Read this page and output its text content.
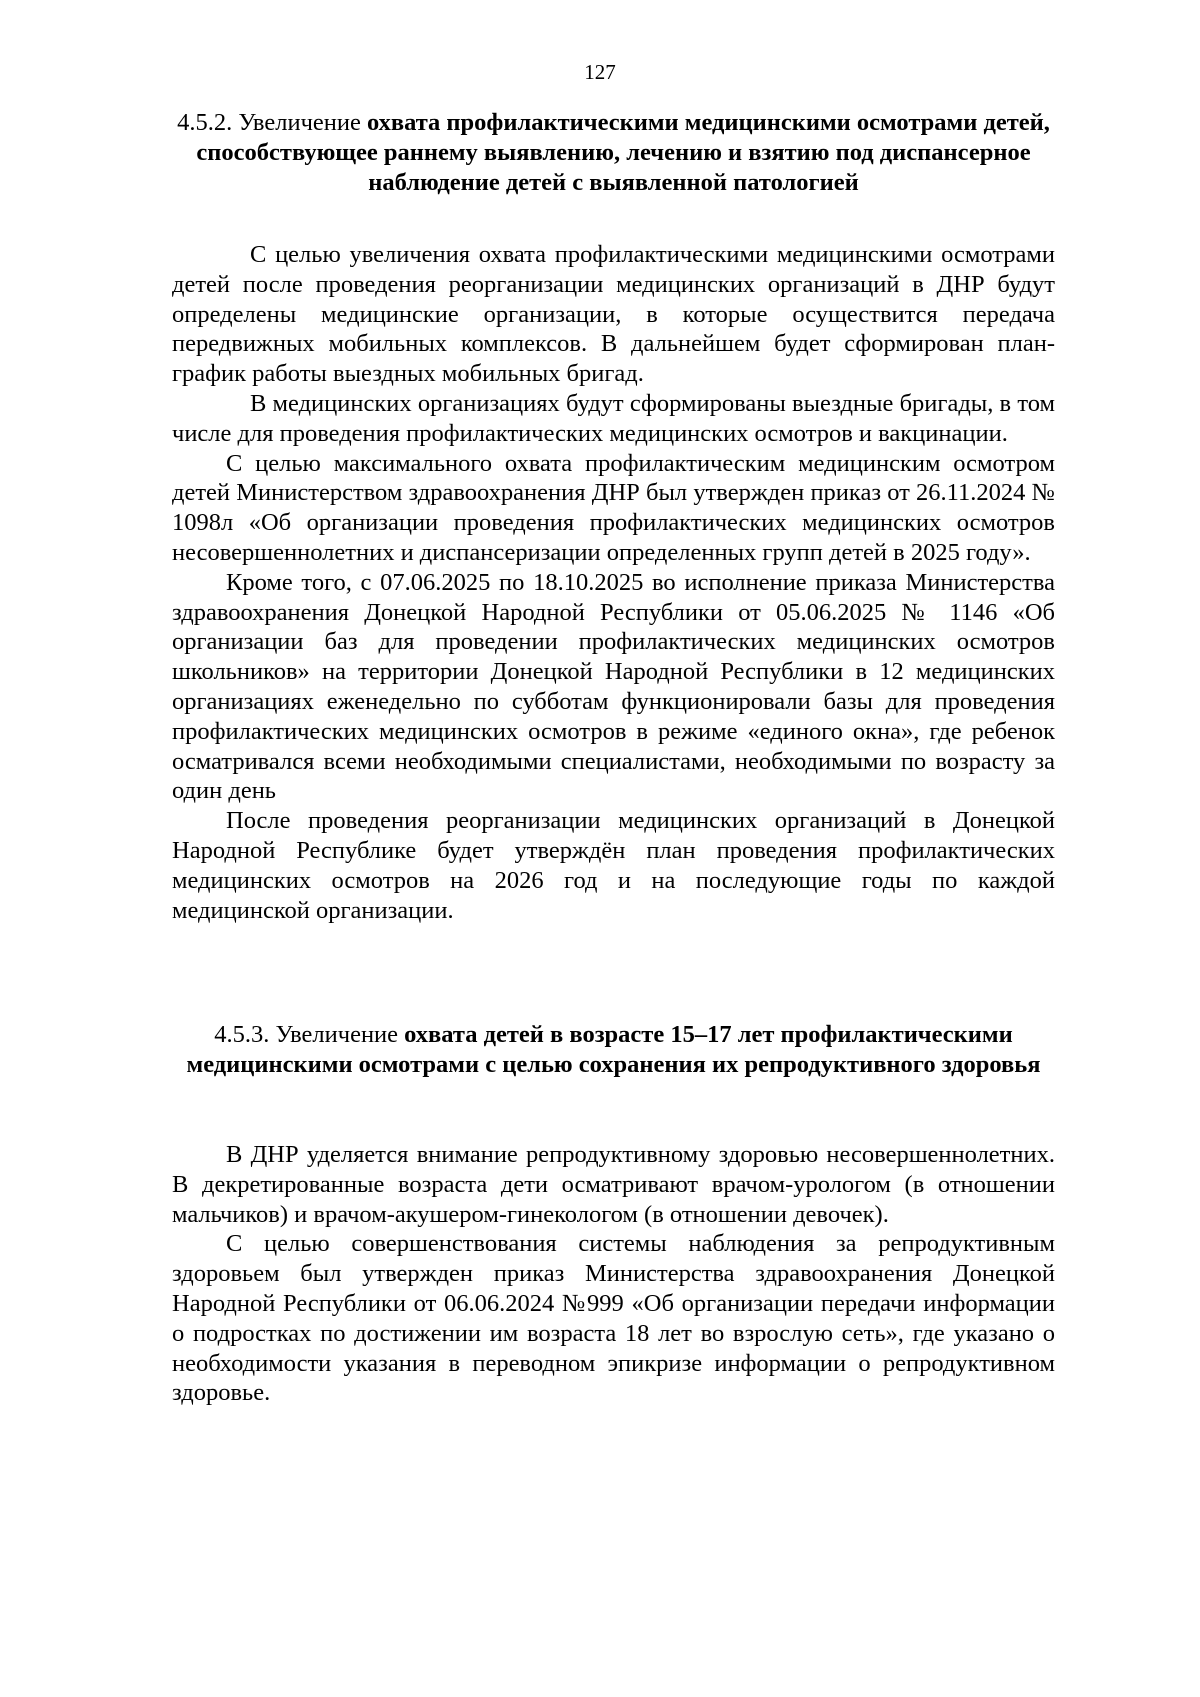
127

4.5.2. Увеличение охвата профилактическими медицинскими осмотрами детей, способствующее раннему выявлению, лечению и взятию под диспансерное наблюдение детей с выявленной патологией

С целью увеличения охвата профилактическими медицинскими осмотрами детей после проведения реорганизации медицинских организаций в ДНР будут определены медицинские организации, в которые осуществится передача передвижных мобильных комплексов. В дальнейшем будет сформирован план-график работы выездных мобильных бригад.

В медицинских организациях будут сформированы выездные бригады, в том числе для проведения профилактических медицинских осмотров и вакцинации.

С целью максимального охвата профилактическим медицинским осмотром детей Министерством здравоохранения ДНР был утвержден приказ от 26.11.2024 № 1098л «Об организации проведения профилактических медицинских осмотров несовершеннолетних и диспансеризации определенных групп детей в 2025 году».

Кроме того, с 07.06.2025 по 18.10.2025 во исполнение приказа Министерства здравоохранения Донецкой Народной Республики от 05.06.2025 № 1146 «Об организации баз для проведении профилактических медицинских осмотров школьников» на территории Донецкой Народной Республики в 12 медицинских организациях еженедельно по субботам функционировали базы для проведения профилактических медицинских осмотров в режиме «единого окна», где ребенок осматривался всеми необходимыми специалистами, необходимыми по возрасту за один день

После проведения реорганизации медицинских организаций в Донецкой Народной Республике будет утверждён план проведения профилактических медицинских осмотров на 2026 год и на последующие годы по каждой медицинской организации.

4.5.3. Увеличение охвата детей в возрасте 15–17 лет профилактическими медицинскими осмотрами с целью сохранения их репродуктивного здоровья

В ДНР уделяется внимание репродуктивному здоровью несовершеннолетних. В декретированные возраста дети осматривают врачом-урологом (в отношении мальчиков) и врачом-акушером-гинекологом (в отношении девочек).

С целью совершенствования системы наблюдения за репродуктивным здоровьем был утвержден приказ Министерства здравоохранения Донецкой Народной Республики от 06.06.2024 №999 «Об организации передачи информации о подростках по достижении им возраста 18 лет во взрослую сеть», где указано о необходимости указания в переводном эпикризе информации о репродуктивном здоровье.
